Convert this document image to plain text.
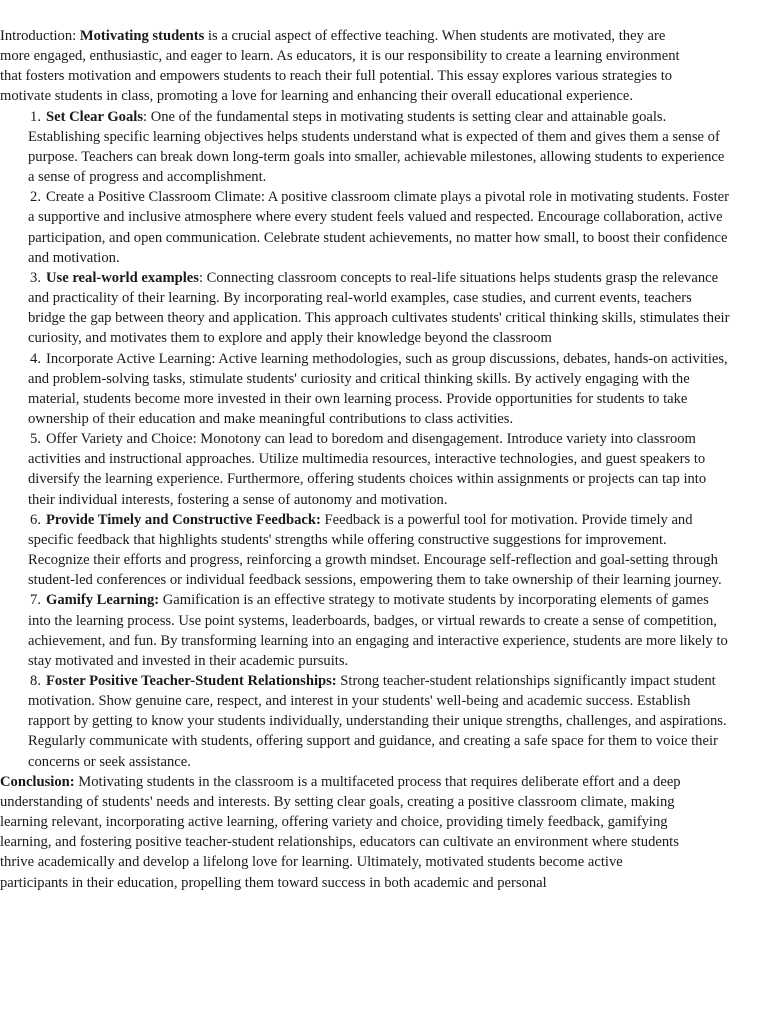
Introduction: Motivating students is a crucial aspect of effective teaching. When students are motivated, they are more engaged, enthusiastic, and eager to learn. As educators, it is our responsibility to create a learning environment that fosters motivation and empowers students to reach their full potential. This essay explores various strategies to motivate students in class, promoting a love for learning and enhancing their overall educational experience.

1. Set Clear Goals: One of the fundamental steps in motivating students is setting clear and attainable goals. Establishing specific learning objectives helps students understand what is expected of them and gives them a sense of purpose. Teachers can break down long-term goals into smaller, achievable milestones, allowing students to experience a sense of progress and accomplishment.
2. Create a Positive Classroom Climate: A positive classroom climate plays a pivotal role in motivating students. Foster a supportive and inclusive atmosphere where every student feels valued and respected. Encourage collaboration, active participation, and open communication. Celebrate student achievements, no matter how small, to boost their confidence and motivation.
3. Use real-world examples: Connecting classroom concepts to real-life situations helps students grasp the relevance and practicality of their learning. By incorporating real-world examples, case studies, and current events, teachers bridge the gap between theory and application. This approach cultivates students' critical thinking skills, stimulates their curiosity, and motivates them to explore and apply their knowledge beyond the classroom
4. Incorporate Active Learning: Active learning methodologies, such as group discussions, debates, hands-on activities, and problem-solving tasks, stimulate students' curiosity and critical thinking skills. By actively engaging with the material, students become more invested in their own learning process. Provide opportunities for students to take ownership of their education and make meaningful contributions to class activities.
5. Offer Variety and Choice: Monotony can lead to boredom and disengagement. Introduce variety into classroom activities and instructional approaches. Utilize multimedia resources, interactive technologies, and guest speakers to diversify the learning experience. Furthermore, offering students choices within assignments or projects can tap into their individual interests, fostering a sense of autonomy and motivation.
6. Provide Timely and Constructive Feedback: Feedback is a powerful tool for motivation. Provide timely and specific feedback that highlights students' strengths while offering constructive suggestions for improvement. Recognize their efforts and progress, reinforcing a growth mindset. Encourage self-reflection and goal-setting through student-led conferences or individual feedback sessions, empowering them to take ownership of their learning journey.
7. Gamify Learning: Gamification is an effective strategy to motivate students by incorporating elements of games into the learning process. Use point systems, leaderboards, badges, or virtual rewards to create a sense of competition, achievement, and fun. By transforming learning into an engaging and interactive experience, students are more likely to stay motivated and invested in their academic pursuits.
8. Foster Positive Teacher-Student Relationships: Strong teacher-student relationships significantly impact student motivation. Show genuine care, respect, and interest in your students' well-being and academic success. Establish rapport by getting to know your students individually, understanding their unique strengths, challenges, and aspirations. Regularly communicate with students, offering support and guidance, and creating a safe space for them to voice their concerns or seek assistance.

Conclusion: Motivating students in the classroom is a multifaceted process that requires deliberate effort and a deep understanding of students' needs and interests. By setting clear goals, creating a positive classroom climate, making learning relevant, incorporating active learning, offering variety and choice, providing timely feedback, gamifying learning, and fostering positive teacher-student relationships, educators can cultivate an environment where students thrive academically and develop a lifelong love for learning. Ultimately, motivated students become active participants in their education, propelling them toward success in both academic and personal
